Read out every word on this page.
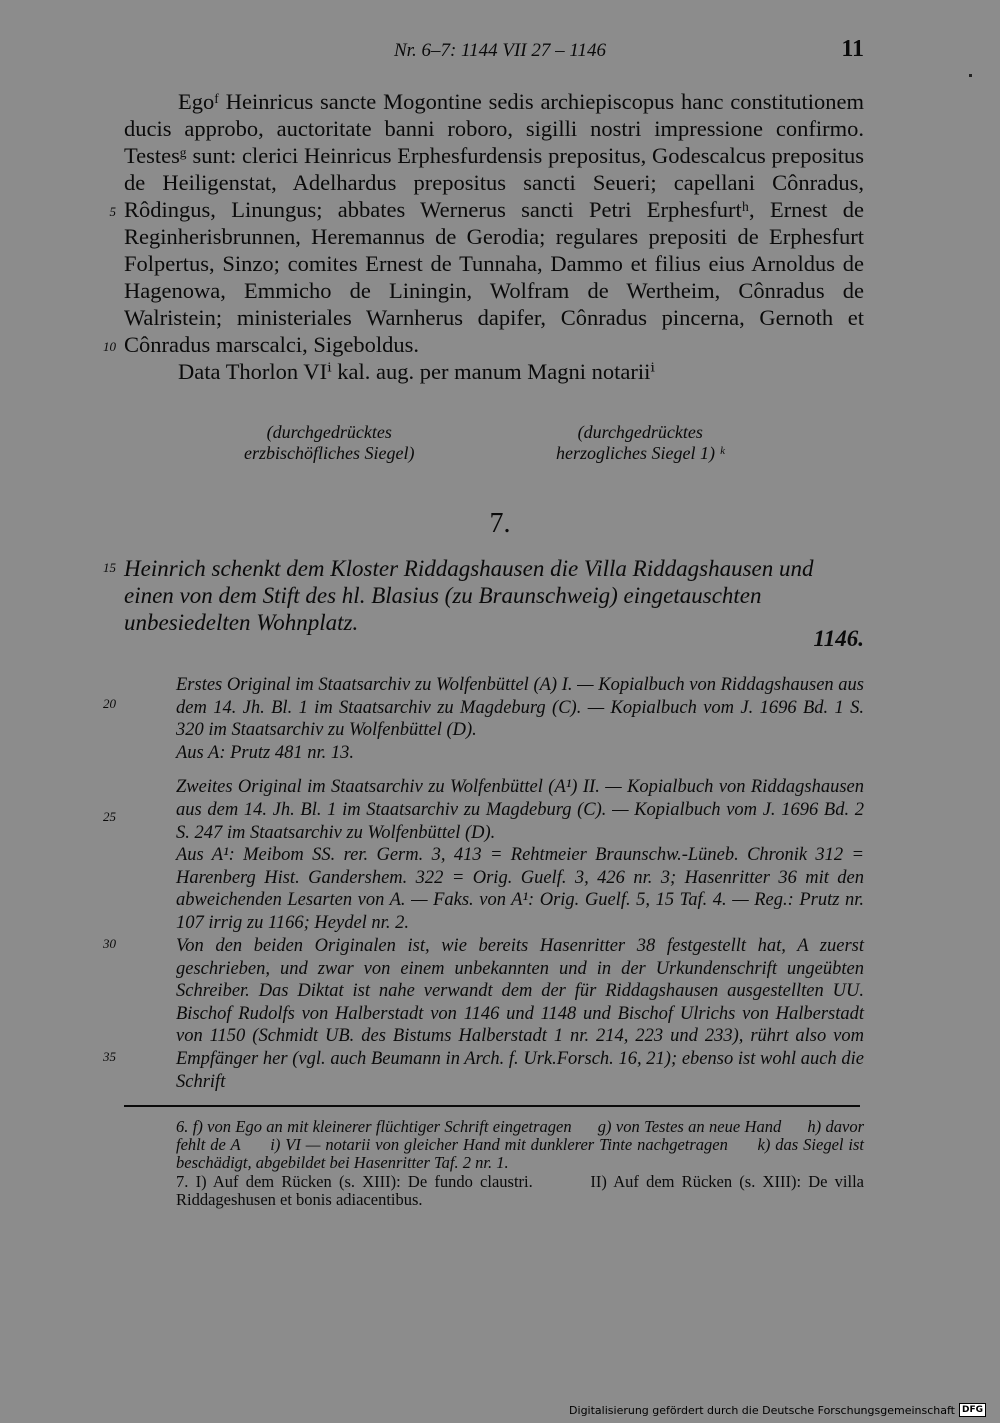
Nr. 6–7: 1144 VII 27 – 1146	11
5
10
15
20
25
30
35

Egoᶠ Heinricus sancte Mogontine sedis archiepiscopus hanc constitutionem ducis approbo, auctoritate banni roboro, sigilli nostri impressione confirmo. Testesᵍ sunt: clerici Heinricus Erphesfurdensis prepositus, Godescalcus prepositus de Heiligenstat, Adelhardus prepositus sancti Seueri; capellani Cônradus, Rôdingus, Linungus; abbates Wernerus sancti Petri Erphesfurtʰ, Ernest de Reginherisbrunnen, Heremannus de Gerodia; regulares prepositi de Erphesfurt Folpertus, Sinzo; comites Ernest de Tunnaha, Dammo et filius eius Arnoldus de Hagenowa, Emmicho de Liningin, Wolfram de Wertheim, Cônradus de Walristein; ministeriales Warnherus dapifer, Cônradus pincerna, Gernoth et Cônradus marscalci, Sigeboldus.

Data Thorlon VIⁱ kal. aug. per manum Magni notariiⁱ

(durchgedrücktes
erzbischöfliches Siegel)
(durchgedrücktes
herzogliches Siegel 1) ᵏ
7.

Heinrich schenkt dem Kloster Riddagshausen die Villa Riddagshausen und einen von dem Stift des hl. Blasius (zu Braunschweig) eingetauschten unbesiedelten Wohnplatz.

1146.

Erstes Original im Staatsarchiv zu Wolfenbüttel (A) I. — Kopialbuch von Riddagshausen aus dem 14. Jh. Bl. 1 im Staatsarchiv zu Magdeburg (C). — Kopialbuch vom J. 1696 Bd. 1 S. 320 im Staatsarchiv zu Wolfenbüttel (D).

Aus A: Prutz 481 nr. 13.

Zweites Original im Staatsarchiv zu Wolfenbüttel (A¹) II. — Kopialbuch von Riddagshausen aus dem 14. Jh. Bl. 1 im Staatsarchiv zu Magdeburg (C). — Kopialbuch vom J. 1696 Bd. 2 S. 247 im Staatsarchiv zu Wolfenbüttel (D).

Aus A¹: Meibom SS. rer. Germ. 3, 413 = Rehtmeier Braunschw.-Lüneb. Chronik 312 = Harenberg Hist. Gandershem. 322 = Orig. Guelf. 3, 426 nr. 3; Hasenritter 36 mit den abweichenden Lesarten von A. — Faks. von A¹: Orig. Guelf. 5, 15 Taf. 4. — Reg.: Prutz nr. 107 irrig zu 1166; Heydel nr. 2.

Von den beiden Originalen ist, wie bereits Hasenritter 38 festgestellt hat, A zuerst geschrieben, und zwar von einem unbekannten und in der Urkundenschrift ungeübten Schreiber. Das Diktat ist nahe verwandt dem der für Riddagshausen ausgestellten UU. Bischof Rudolfs von Halberstadt von 1146 und 1148 und Bischof Ulrichs von Halberstadt von 1150 (Schmidt UB. des Bistums Halberstadt 1 nr. 214, 223 und 233), rührt also vom Empfänger her (vgl. auch Beumann in Arch. f. Urk.Forsch. 16, 21); ebenso ist wohl auch die Schrift

6. f) von Ego an mit kleinerer flüchtiger Schrift eingetragen g) von Testes an neue Hand h) davor fehlt de A i) VI — notarii von gleicher Hand mit dunklerer Tinte nachgetragen k) das Siegel ist beschädigt, abgebildet bei Hasenritter Taf. 2 nr. 1.

7. I) Auf dem Rücken (s. XIII): De fundo claustri.	II) Auf dem Rücken (s. XIII): De villa Riddageshusen et bonis adiacentibus.

Digitalisierung gefördert durch die Deutsche Forschungsgemeinschaft DFG
